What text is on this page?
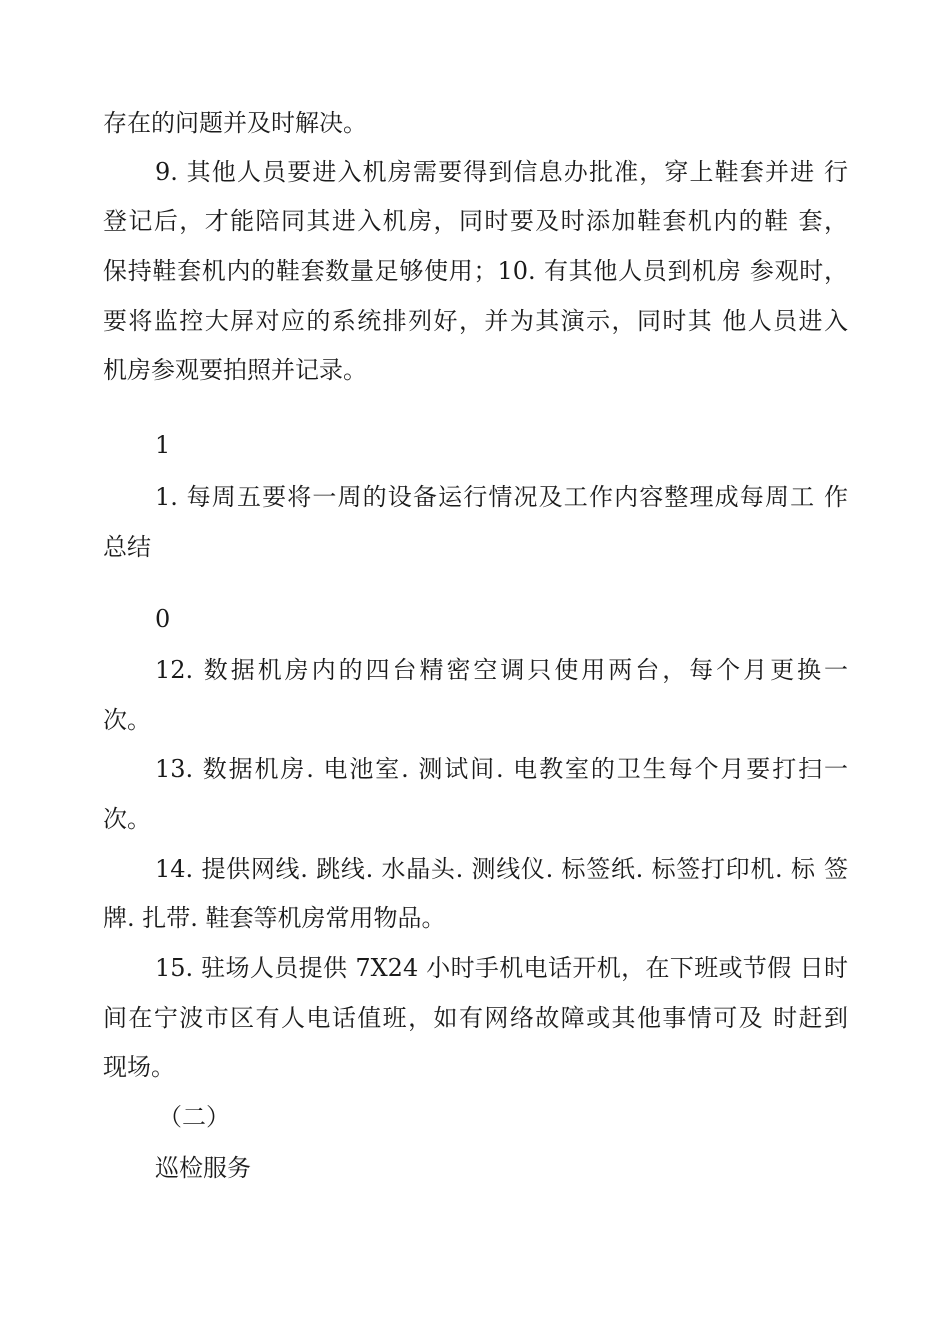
存在的问题并及时解决。
9. 其他人员要进入机房需要得到信息办批准，穿上鞋套并进 行
登记后，才能陪同其进入机房，同时要及时添加鞋套机内的鞋 套，
保持鞋套机内的鞋套数量足够使用；10. 有其他人员到机房 参观时，
要将监控大屏对应的系统排列好，并为其演示，同时其 他人员进入
机房参观要拍照并记录。
1
1. 每周五要将一周的设备运行情况及工作内容整理成每周工 作
总结
0
12. 数据机房内的四台精密空调只使用两台，每个月更换一
次。
13. 数据机房. 电池室. 测试间. 电教室的卫生每个月要打扫一
次。
14. 提供网线. 跳线. 水晶头. 测线仪. 标签纸. 标签打印机. 标 签
牌. 扎带. 鞋套等机房常用物品。
15. 驻场人员提供 7X24 小时手机电话开机，在下班或节假 日时
间在宁波市区有人电话值班，如有网络故障或其他事情可及 时赶到
现场。
（二）
巡检服务
